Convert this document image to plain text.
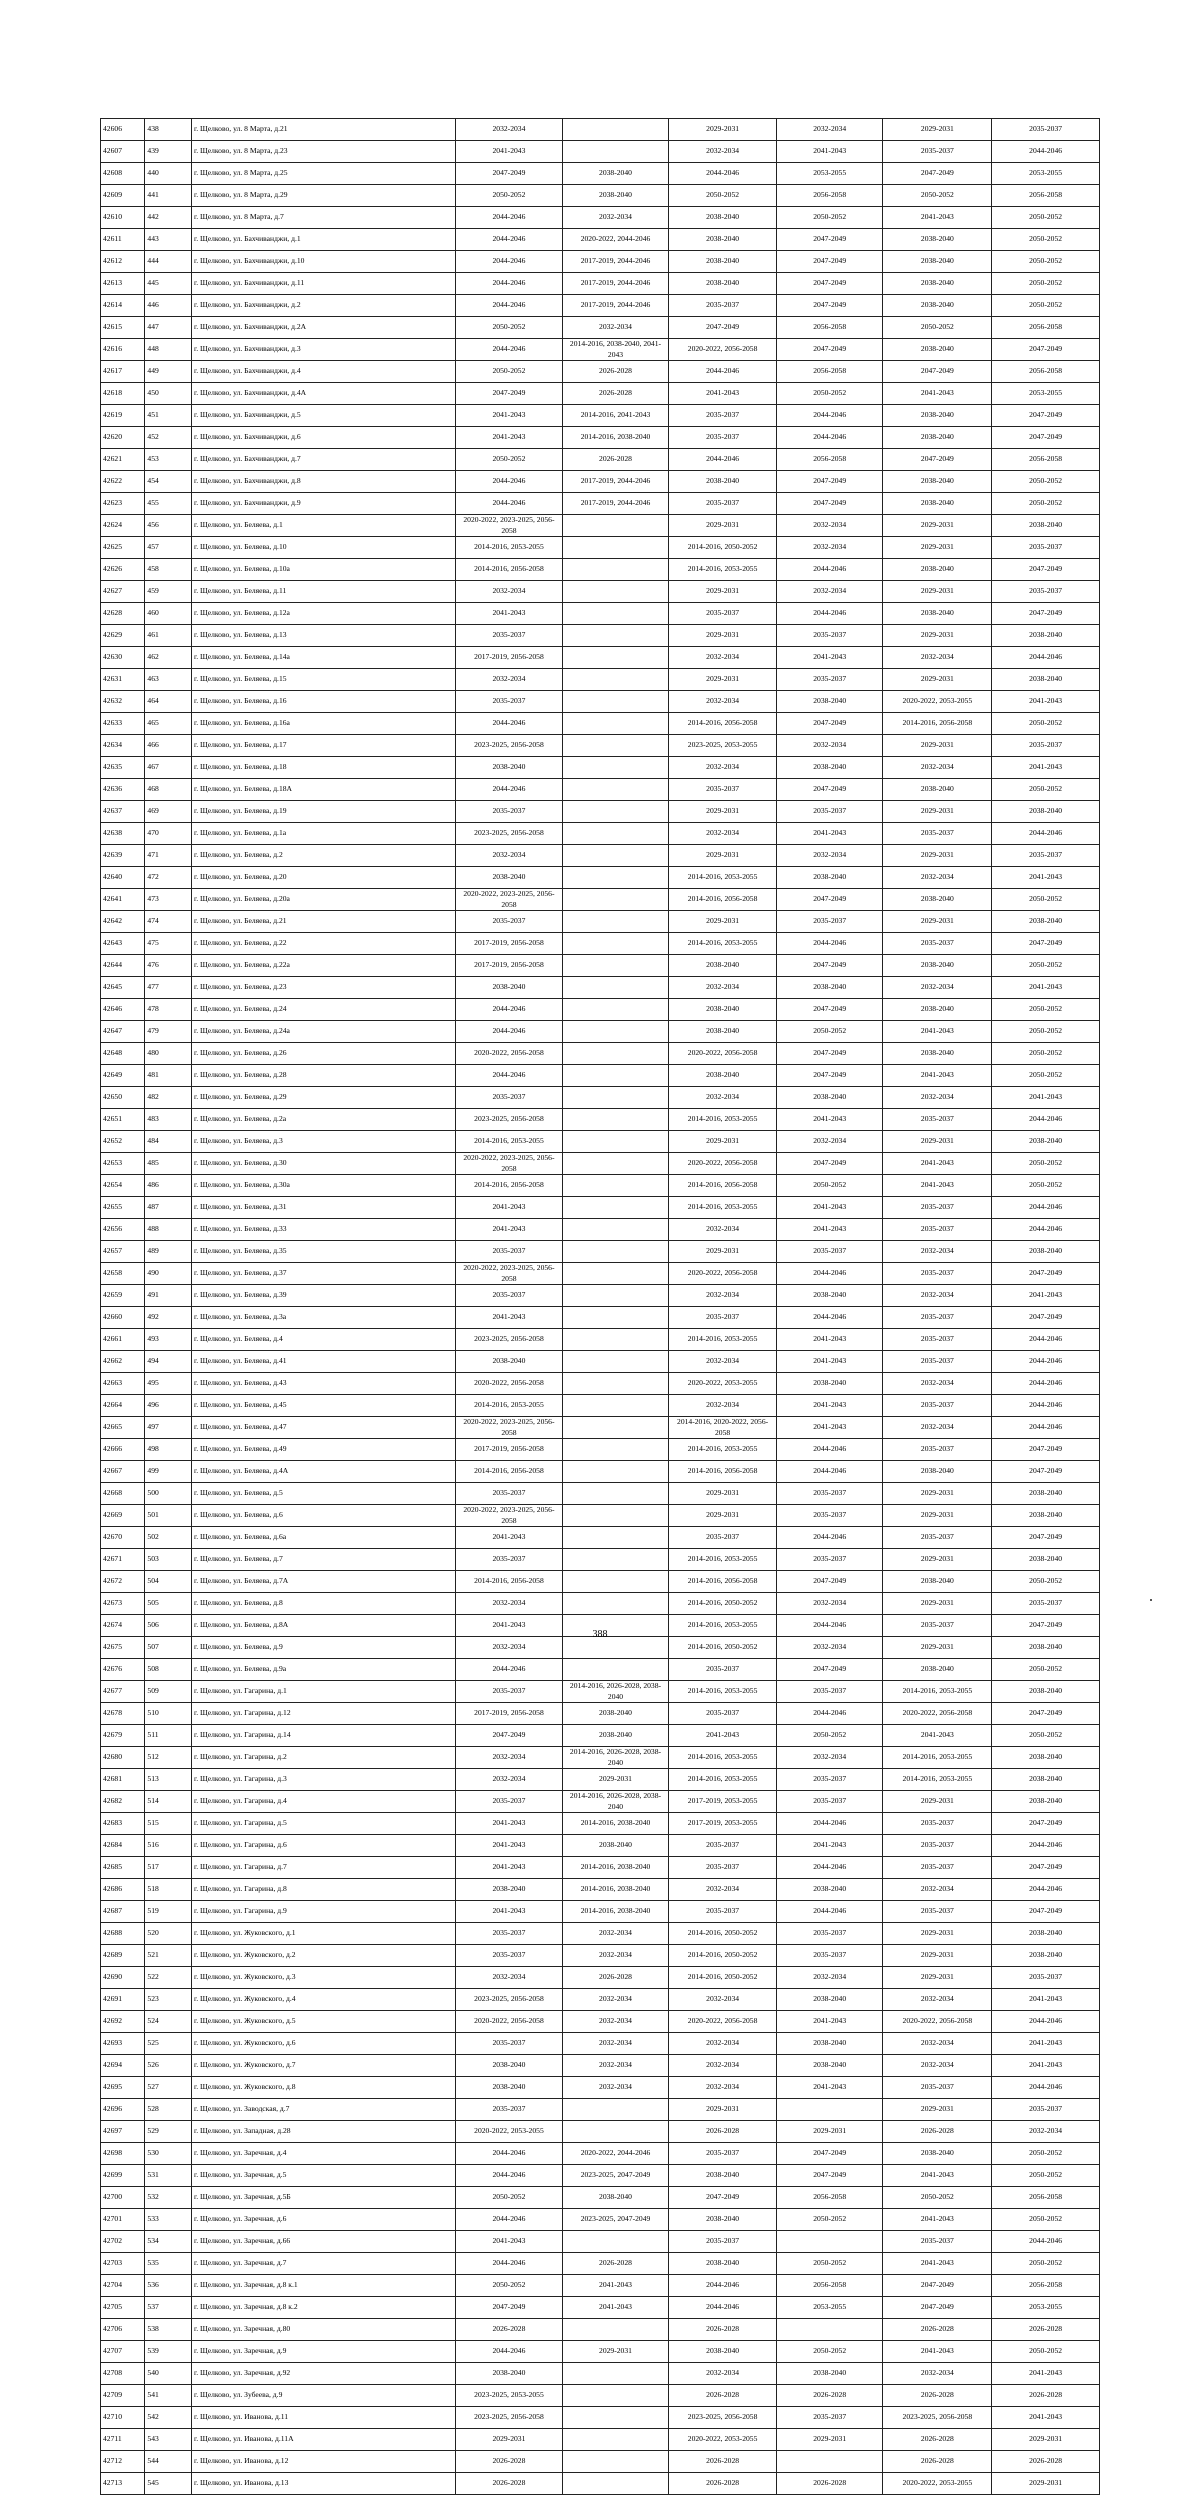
42606	438	г. Щелково, ул. 8 Марта, д.21	2032-2034		2029-2031	2032-2034	2029-2031	2035-2037
42607	439	г. Щелково, ул. 8 Марта, д.23	2041-2043		2032-2034	2041-2043	2035-2037	2044-2046
42608	440	г. Щелково, ул. 8 Марта, д.25	2047-2049	2038-2040	2044-2046	2053-2055	2047-2049	2053-2055
42609	441	г. Щелково, ул. 8 Марта, д.29	2050-2052	2038-2040	2050-2052	2056-2058	2050-2052	2056-2058
42610	442	г. Щелково, ул. 8 Марта, д.7	2044-2046	2032-2034	2038-2040	2050-2052	2041-2043	2050-2052
42611	443	г. Щелково, ул. Бахчиванджи, д.1	2044-2046	2020-2022, 2044-2046	2038-2040	2047-2049	2038-2040	2050-2052
42612	444	г. Щелково, ул. Бахчиванджи, д.10	2044-2046	2017-2019, 2044-2046	2038-2040	2047-2049	2038-2040	2050-2052
42613	445	г. Щелково, ул. Бахчиванджи, д.11	2044-2046	2017-2019, 2044-2046	2038-2040	2047-2049	2038-2040	2050-2052
42614	446	г. Щелково, ул. Бахчиванджи, д.2	2044-2046	2017-2019, 2044-2046	2035-2037	2047-2049	2038-2040	2050-2052
42615	447	г. Щелково, ул. Бахчиванджи, д.2А	2050-2052	2032-2034	2047-2049	2056-2058	2050-2052	2056-2058
42616	448	г. Щелково, ул. Бахчиванджи, д.3	2044-2046	2014-2016, 2038-2040, 2041-2043	2020-2022, 2056-2058	2047-2049	2038-2040	2047-2049
42617	449	г. Щелково, ул. Бахчиванджи, д.4	2050-2052	2026-2028	2044-2046	2056-2058	2047-2049	2056-2058
42618	450	г. Щелково, ул. Бахчиванджи, д.4А	2047-2049	2026-2028	2041-2043	2050-2052	2041-2043	2053-2055
42619	451	г. Щелково, ул. Бахчиванджи, д.5	2041-2043	2014-2016, 2041-2043	2035-2037	2044-2046	2038-2040	2047-2049
42620	452	г. Щелково, ул. Бахчиванджи, д.6	2041-2043	2014-2016, 2038-2040	2035-2037	2044-2046	2038-2040	2047-2049
42621	453	г. Щелково, ул. Бахчиванджи, д.7	2050-2052	2026-2028	2044-2046	2056-2058	2047-2049	2056-2058
42622	454	г. Щелково, ул. Бахчиванджи, д.8	2044-2046	2017-2019, 2044-2046	2038-2040	2047-2049	2038-2040	2050-2052
42623	455	г. Щелково, ул. Бахчиванджи, д.9	2044-2046	2017-2019, 2044-2046	2035-2037	2047-2049	2038-2040	2050-2052
42624	456	г. Щелково, ул. Беляева, д.1	2020-2022, 2023-2025, 2056-2058		2029-2031	2032-2034	2029-2031	2038-2040
42625	457	г. Щелково, ул. Беляева, д.10	2014-2016, 2053-2055		2014-2016, 2050-2052	2032-2034	2029-2031	2035-2037
42626	458	г. Щелково, ул. Беляева, д.10а	2014-2016, 2056-2058		2014-2016, 2053-2055	2044-2046	2038-2040	2047-2049
42627	459	г. Щелково, ул. Беляева, д.11	2032-2034		2029-2031	2032-2034	2029-2031	2035-2037
42628	460	г. Щелково, ул. Беляева, д.12а	2041-2043		2035-2037	2044-2046	2038-2040	2047-2049
42629	461	г. Щелково, ул. Беляева, д.13	2035-2037		2029-2031	2035-2037	2029-2031	2038-2040
42630	462	г. Щелково, ул. Беляева, д.14а	2017-2019, 2056-2058		2032-2034	2041-2043	2032-2034	2044-2046
42631	463	г. Щелково, ул. Беляева, д.15	2032-2034		2029-2031	2035-2037	2029-2031	2038-2040
42632	464	г. Щелково, ул. Беляева, д.16	2035-2037		2032-2034	2038-2040	2020-2022, 2053-2055	2041-2043
42633	465	г. Щелково, ул. Беляева, д.16а	2044-2046		2014-2016, 2056-2058	2047-2049	2014-2016, 2056-2058	2050-2052
42634	466	г. Щелково, ул. Беляева, д.17	2023-2025, 2056-2058		2023-2025, 2053-2055	2032-2034	2029-2031	2035-2037
42635	467	г. Щелково, ул. Беляева, д.18	2038-2040		2032-2034	2038-2040	2032-2034	2041-2043
42636	468	г. Щелково, ул. Беляева, д.18А	2044-2046		2035-2037	2047-2049	2038-2040	2050-2052
42637	469	г. Щелково, ул. Беляева, д.19	2035-2037		2029-2031	2035-2037	2029-2031	2038-2040
42638	470	г. Щелково, ул. Беляева, д.1а	2023-2025, 2056-2058		2032-2034	2041-2043	2035-2037	2044-2046
42639	471	г. Щелково, ул. Беляева, д.2	2032-2034		2029-2031	2032-2034	2029-2031	2035-2037
42640	472	г. Щелково, ул. Беляева, д.20	2038-2040		2014-2016, 2053-2055	2038-2040	2032-2034	2041-2043
42641	473	г. Щелково, ул. Беляева, д.20а	2020-2022, 2023-2025, 2056-2058		2014-2016, 2056-2058	2047-2049	2038-2040	2050-2052
42642	474	г. Щелково, ул. Беляева, д.21	2035-2037		2029-2031	2035-2037	2029-2031	2038-2040
42643	475	г. Щелково, ул. Беляева, д.22	2017-2019, 2056-2058		2014-2016, 2053-2055	2044-2046	2035-2037	2047-2049
42644	476	г. Щелково, ул. Беляева, д.22а	2017-2019, 2056-2058		2038-2040	2047-2049	2038-2040	2050-2052
42645	477	г. Щелково, ул. Беляева, д.23	2038-2040		2032-2034	2038-2040	2032-2034	2041-2043
42646	478	г. Щелково, ул. Беляева, д.24	2044-2046		2038-2040	2047-2049	2038-2040	2050-2052
42647	479	г. Щелково, ул. Беляева, д.24а	2044-2046		2038-2040	2050-2052	2041-2043	2050-2052
42648	480	г. Щелково, ул. Беляева, д.26	2020-2022, 2056-2058		2020-2022, 2056-2058	2047-2049	2038-2040	2050-2052
42649	481	г. Щелково, ул. Беляева, д.28	2044-2046		2038-2040	2047-2049	2041-2043	2050-2052
42650	482	г. Щелково, ул. Беляева, д.29	2035-2037		2032-2034	2038-2040	2032-2034	2041-2043
42651	483	г. Щелково, ул. Беляева, д.2а	2023-2025, 2056-2058		2014-2016, 2053-2055	2041-2043	2035-2037	2044-2046
42652	484	г. Щелково, ул. Беляева, д.3	2014-2016, 2053-2055		2029-2031	2032-2034	2029-2031	2038-2040
42653	485	г. Щелково, ул. Беляева, д.30	2020-2022, 2023-2025, 2056-2058		2020-2022, 2056-2058	2047-2049	2041-2043	2050-2052
42654	486	г. Щелково, ул. Беляева, д.30а	2014-2016, 2056-2058		2014-2016, 2056-2058	2050-2052	2041-2043	2050-2052
42655	487	г. Щелково, ул. Беляева, д.31	2041-2043		2014-2016, 2053-2055	2041-2043	2035-2037	2044-2046
42656	488	г. Щелково, ул. Беляева, д.33	2041-2043		2032-2034	2041-2043	2035-2037	2044-2046
42657	489	г. Щелково, ул. Беляева, д.35	2035-2037		2029-2031	2035-2037	2032-2034	2038-2040
42658	490	г. Щелково, ул. Беляева, д.37	2020-2022, 2023-2025, 2056-2058		2020-2022, 2056-2058	2044-2046	2035-2037	2047-2049
42659	491	г. Щелково, ул. Беляева, д.39	2035-2037		2032-2034	2038-2040	2032-2034	2041-2043
42660	492	г. Щелково, ул. Беляева, д.3а	2041-2043		2035-2037	2044-2046	2035-2037	2047-2049
42661	493	г. Щелково, ул. Беляева, д.4	2023-2025, 2056-2058		2014-2016, 2053-2055	2041-2043	2035-2037	2044-2046
42662	494	г. Щелково, ул. Беляева, д.41	2038-2040		2032-2034	2041-2043	2035-2037	2044-2046
42663	495	г. Щелково, ул. Беляева, д.43	2020-2022, 2056-2058		2020-2022, 2053-2055	2038-2040	2032-2034	2044-2046
42664	496	г. Щелково, ул. Беляева, д.45	2014-2016, 2053-2055		2032-2034	2041-2043	2035-2037	2044-2046
42665	497	г. Щелково, ул. Беляева, д.47	2020-2022, 2023-2025, 2056-2058		2014-2016, 2020-2022, 2056-2058	2041-2043	2032-2034	2044-2046
42666	498	г. Щелково, ул. Беляева, д.49	2017-2019, 2056-2058		2014-2016, 2053-2055	2044-2046	2035-2037	2047-2049
42667	499	г. Щелково, ул. Беляева, д.4А	2014-2016, 2056-2058		2014-2016, 2056-2058	2044-2046	2038-2040	2047-2049
42668	500	г. Щелково, ул. Беляева, д.5	2035-2037		2029-2031	2035-2037	2029-2031	2038-2040
42669	501	г. Щелково, ул. Беляева, д.6	2020-2022, 2023-2025, 2056-2058		2029-2031	2035-2037	2029-2031	2038-2040
42670	502	г. Щелково, ул. Беляева, д.6а	2041-2043		2035-2037	2044-2046	2035-2037	2047-2049
42671	503	г. Щелково, ул. Беляева, д.7	2035-2037		2014-2016, 2053-2055	2035-2037	2029-2031	2038-2040
42672	504	г. Щелково, ул. Беляева, д.7А	2014-2016, 2056-2058		2014-2016, 2056-2058	2047-2049	2038-2040	2050-2052
42673	505	г. Щелково, ул. Беляева, д.8	2032-2034		2014-2016, 2050-2052	2032-2034	2029-2031	2035-2037
42674	506	г. Щелково, ул. Беляева, д.8А	2041-2043		2014-2016, 2053-2055	2044-2046	2035-2037	2047-2049
42675	507	г. Щелково, ул. Беляева, д.9	2032-2034		2014-2016, 2050-2052	2032-2034	2029-2031	2038-2040
42676	508	г. Щелково, ул. Беляева, д.9а	2044-2046		2035-2037	2047-2049	2038-2040	2050-2052
42677	509	г. Щелково, ул. Гагарина, д.1	2035-2037	2014-2016, 2026-2028, 2038-2040	2014-2016, 2053-2055	2035-2037	2014-2016, 2053-2055	2038-2040
42678	510	г. Щелково, ул. Гагарина, д.12	2017-2019, 2056-2058	2038-2040	2035-2037	2044-2046	2020-2022, 2056-2058	2047-2049
42679	511	г. Щелково, ул. Гагарина, д.14	2047-2049	2038-2040	2041-2043	2050-2052	2041-2043	2050-2052
42680	512	г. Щелково, ул. Гагарина, д.2	2032-2034	2014-2016, 2026-2028, 2038-2040	2014-2016, 2053-2055	2032-2034	2014-2016, 2053-2055	2038-2040
42681	513	г. Щелково, ул. Гагарина, д.3	2032-2034	2029-2031	2014-2016, 2053-2055	2035-2037	2014-2016, 2053-2055	2038-2040
42682	514	г. Щелково, ул. Гагарина, д.4	2035-2037	2014-2016, 2026-2028, 2038-2040	2017-2019, 2053-2055	2035-2037	2029-2031	2038-2040
42683	515	г. Щелково, ул. Гагарина, д.5	2041-2043	2014-2016, 2038-2040	2017-2019, 2053-2055	2044-2046	2035-2037	2047-2049
42684	516	г. Щелково, ул. Гагарина, д.6	2041-2043	2038-2040	2035-2037	2041-2043	2035-2037	2044-2046
42685	517	г. Щелково, ул. Гагарина, д.7	2041-2043	2014-2016, 2038-2040	2035-2037	2044-2046	2035-2037	2047-2049
42686	518	г. Щелково, ул. Гагарина, д.8	2038-2040	2014-2016, 2038-2040	2032-2034	2038-2040	2032-2034	2044-2046
42687	519	г. Щелково, ул. Гагарина, д.9	2041-2043	2014-2016, 2038-2040	2035-2037	2044-2046	2035-2037	2047-2049
42688	520	г. Щелково, ул. Жуковского, д.1	2035-2037	2032-2034	2014-2016, 2050-2052	2035-2037	2029-2031	2038-2040
42689	521	г. Щелково, ул. Жуковского, д.2	2035-2037	2032-2034	2014-2016, 2050-2052	2035-2037	2029-2031	2038-2040
42690	522	г. Щелково, ул. Жуковского, д.3	2032-2034	2026-2028	2014-2016, 2050-2052	2032-2034	2029-2031	2035-2037
42691	523	г. Щелково, ул. Жуковского, д.4	2023-2025, 2056-2058	2032-2034	2032-2034	2038-2040	2032-2034	2041-2043
42692	524	г. Щелково, ул. Жуковского, д.5	2020-2022, 2056-2058	2032-2034	2020-2022, 2056-2058	2041-2043	2020-2022, 2056-2058	2044-2046
42693	525	г. Щелково, ул. Жуковского, д.6	2035-2037	2032-2034	2032-2034	2038-2040	2032-2034	2041-2043
42694	526	г. Щелково, ул. Жуковского, д.7	2038-2040	2032-2034	2032-2034	2038-2040	2032-2034	2041-2043
42695	527	г. Щелково, ул. Жуковского, д.8	2038-2040	2032-2034	2032-2034	2041-2043	2035-2037	2044-2046
42696	528	г. Щелково, ул. Заводская, д.7	2035-2037		2029-2031		2029-2031	2035-2037
42697	529	г. Щелково, ул. Западная, д.28	2020-2022, 2053-2055		2026-2028	2029-2031	2026-2028	2032-2034
42698	530	г. Щелково, ул. Заречная, д.4	2044-2046	2020-2022, 2044-2046	2035-2037	2047-2049	2038-2040	2050-2052
42699	531	г. Щелково, ул. Заречная, д.5	2044-2046	2023-2025, 2047-2049	2038-2040	2047-2049	2041-2043	2050-2052
42700	532	г. Щелково, ул. Заречная, д.5Б	2050-2052	2038-2040	2047-2049	2056-2058	2050-2052	2056-2058
42701	533	г. Щелково, ул. Заречная, д.6	2044-2046	2023-2025, 2047-2049	2038-2040	2050-2052	2041-2043	2050-2052
42702	534	г. Щелково, ул. Заречная, д.66	2041-2043		2035-2037		2035-2037	2044-2046
42703	535	г. Щелково, ул. Заречная, д.7	2044-2046	2026-2028	2038-2040	2050-2052	2041-2043	2050-2052
42704	536	г. Щелково, ул. Заречная, д.8 к.1	2050-2052	2041-2043	2044-2046	2056-2058	2047-2049	2056-2058
42705	537	г. Щелково, ул. Заречная, д.8 к.2	2047-2049	2041-2043	2044-2046	2053-2055	2047-2049	2053-2055
42706	538	г. Щелково, ул. Заречная, д.80	2026-2028		2026-2028		2026-2028	2026-2028
42707	539	г. Щелково, ул. Заречная, д.9	2044-2046	2029-2031	2038-2040	2050-2052	2041-2043	2050-2052
42708	540	г. Щелково, ул. Заречная, д.92	2038-2040		2032-2034	2038-2040	2032-2034	2041-2043
42709	541	г. Щелково, ул. Зубеева, д.9	2023-2025, 2053-2055		2026-2028	2026-2028	2026-2028	2026-2028
42710	542	г. Щелково, ул. Иванова, д.11	2023-2025, 2056-2058		2023-2025, 2056-2058	2035-2037	2023-2025, 2056-2058	2041-2043
42711	543	г. Щелково, ул. Иванова, д.11А	2029-2031		2020-2022, 2053-2055	2029-2031	2026-2028	2029-2031
42712	544	г. Щелково, ул. Иванова, д.12	2026-2028		2026-2028		2026-2028	2026-2028
42713	545	г. Щелково, ул. Иванова, д.13	2026-2028		2026-2028	2026-2028	2020-2022, 2053-2055	2029-2031
388
